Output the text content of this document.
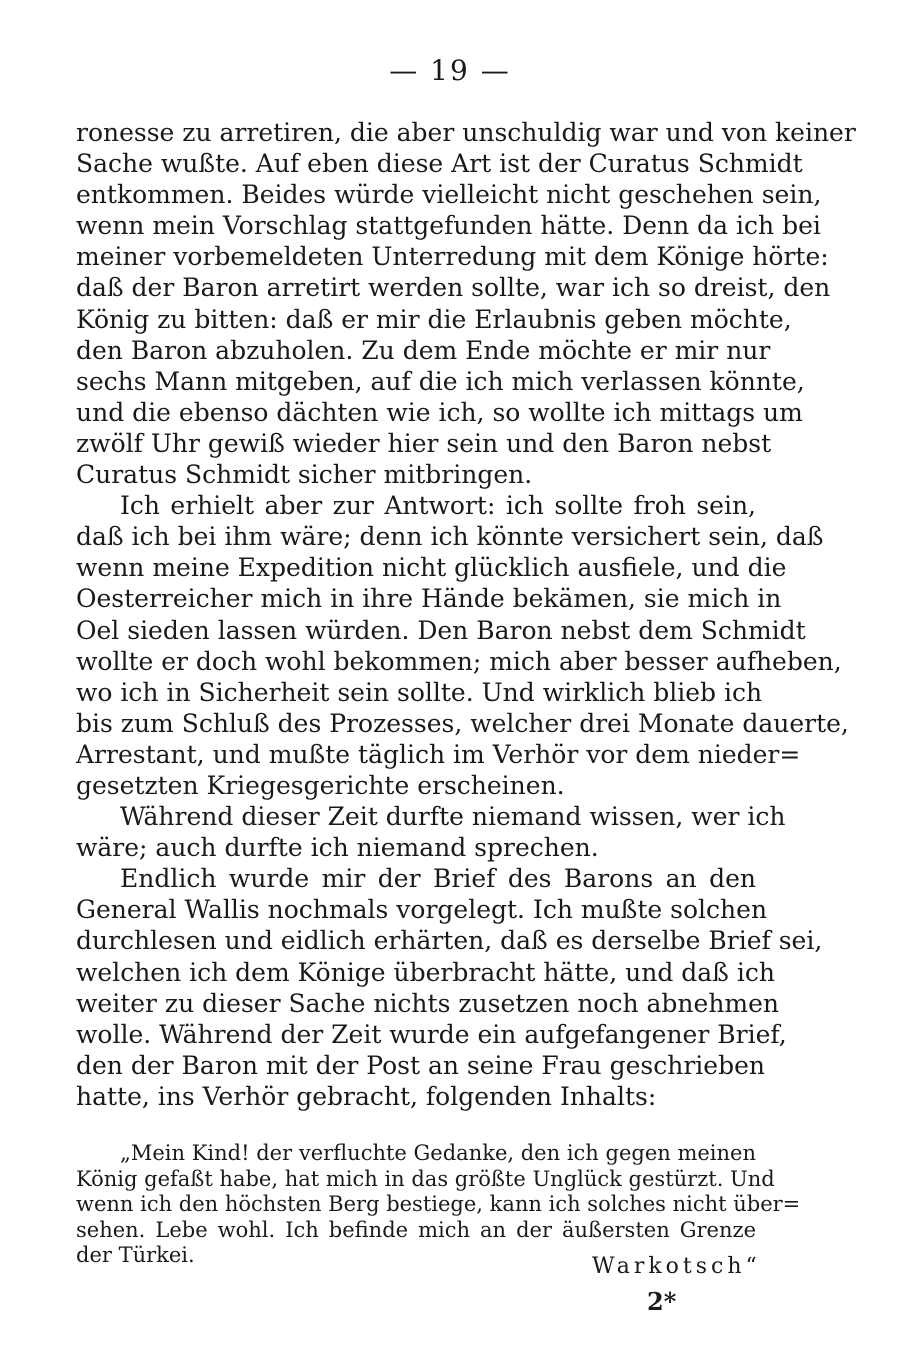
— 19 —
ronesse zu arretiren, die aber unschuldig war und von keiner
Sache wußte. Auf eben diese Art ist der Curatus Schmidt
entkommen. Beides würde vielleicht nicht geschehen sein,
wenn mein Vorschlag stattgefunden hätte. Denn da ich bei
meiner vorbemeldeten Unterredung mit dem Könige hörte:
daß der Baron arretirt werden sollte, war ich so dreist, den
König zu bitten: daß er mir die Erlaubnis geben möchte,
den Baron abzuholen. Zu dem Ende möchte er mir nur
sechs Mann mitgeben, auf die ich mich verlassen könnte,
und die ebenso dächten wie ich, so wollte ich mittags um
zwölf Uhr gewiß wieder hier sein und den Baron nebst
Curatus Schmidt sicher mitbringen.
Ich erhielt aber zur Antwort: ich sollte froh sein,
daß ich bei ihm wäre; denn ich könnte versichert sein, daß
wenn meine Expedition nicht glücklich ausfiele, und die
Oesterreicher mich in ihre Hände bekämen, sie mich in
Oel sieden lassen würden. Den Baron nebst dem Schmidt
wollte er doch wohl bekommen; mich aber besser aufheben,
wo ich in Sicherheit sein sollte. Und wirklich blieb ich
bis zum Schluß des Prozesses, welcher drei Monate dauerte,
Arrestant, und mußte täglich im Verhör vor dem nieder=
gesetzten Kriegesgerichte erscheinen.
Während dieser Zeit durfte niemand wissen, wer ich
wäre; auch durfte ich niemand sprechen.
Endlich wurde mir der Brief des Barons an den
General Wallis nochmals vorgelegt. Ich mußte solchen
durchlesen und eidlich erhärten, daß es derselbe Brief sei,
welchen ich dem Könige überbracht hätte, und daß ich
weiter zu dieser Sache nichts zusetzen noch abnehmen
wolle. Während der Zeit wurde ein aufgefangener Brief,
den der Baron mit der Post an seine Frau geschrieben
hatte, ins Verhör gebracht, folgenden Inhalts:
„Mein Kind! der verfluchte Gedanke, den ich gegen meinen
König gefaßt habe, hat mich in das größte Unglück gestürzt. Und
wenn ich den höchsten Berg bestiege, kann ich solches nicht über=
sehen. Lebe wohl. Ich befinde mich an der äußersten Grenze
der Türkei.	Warkotsch“
2*
